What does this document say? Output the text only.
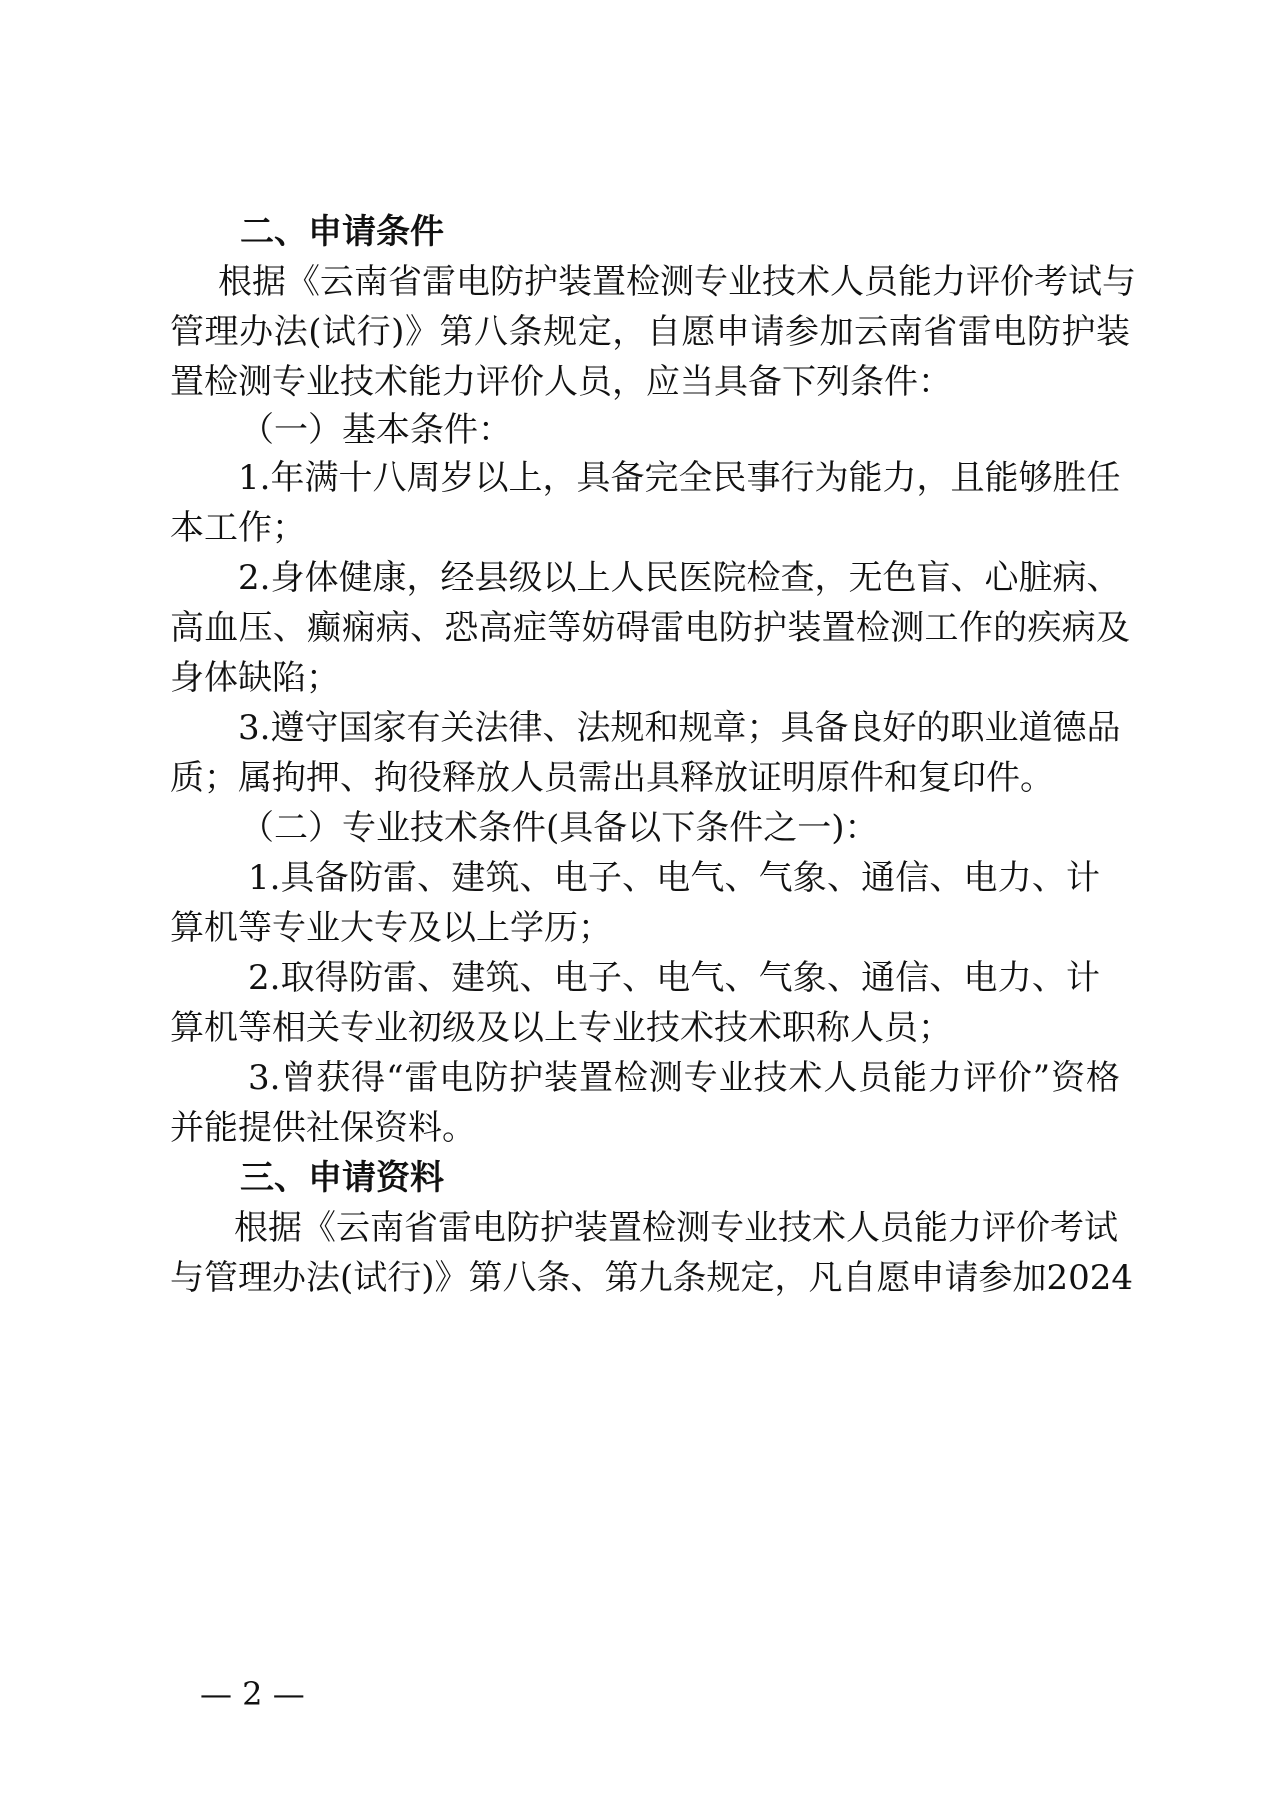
二、申请条件
根据《云南省雷电防护装置检测专业技术人员能力评价考试与
管理办法(试行)》第八条规定，自愿申请参加云南省雷电防护装
置检测专业技术能力评价人员，应当具备下列条件：
（一）基本条件：
1.年满十八周岁以上，具备完全民事行为能力，且能够胜任
本工作；
2.身体健康，经县级以上人民医院检查，无色盲、心脏病、
高血压、癫痫病、恐高症等妨碍雷电防护装置检测工作的疾病及
身体缺陷；
3.遵守国家有关法律、法规和规章；具备良好的职业道德品
质；属拘押、拘役释放人员需出具释放证明原件和复印件。
（二）专业技术条件(具备以下条件之一)：
1.具备防雷、建筑、电子、电气、气象、通信、电力、计
算机等专业大专及以上学历；
2.取得防雷、建筑、电子、电气、气象、通信、电力、计
算机等相关专业初级及以上专业技术技术职称人员；
3.曾获得“雷电防护装置检测专业技术人员能力评价”资格
并能提供社保资料。
三、申请资料
根据《云南省雷电防护装置检测专业技术人员能力评价考试
与管理办法(试行)》第八条、第九条规定，凡自愿申请参加2024
— 2 —
